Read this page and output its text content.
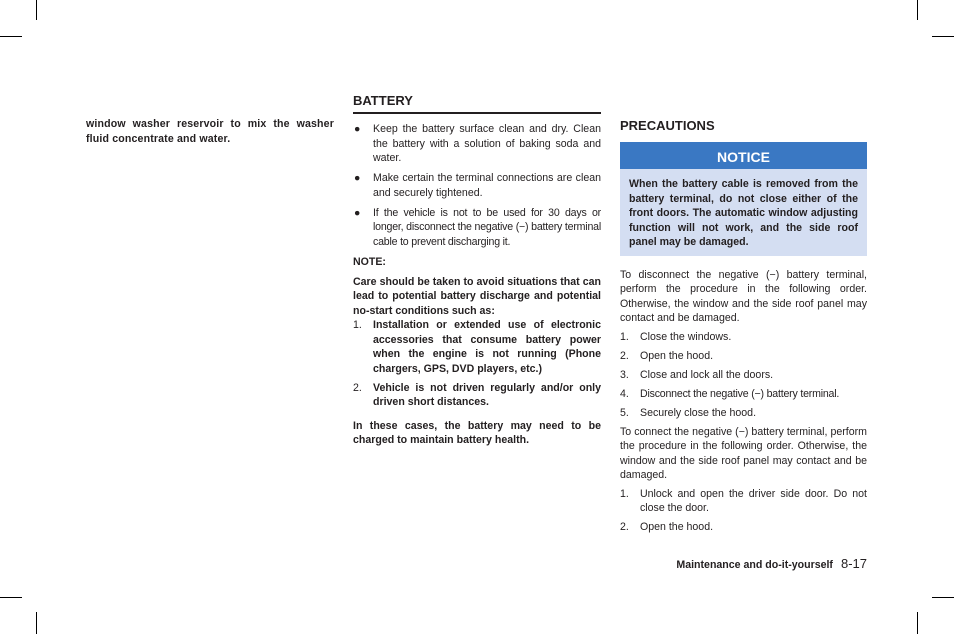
window washer reservoir to mix the washer fluid concentrate and water.

BATTERY
● Keep the battery surface clean and dry. Clean the battery with a solution of baking soda and water.
● Make certain the terminal connections are clean and securely tightened.
● If the vehicle is not to be used for 30 days or longer, disconnect the negative (−) battery terminal cable to prevent discharging it.

NOTE:

Care should be taken to avoid situations that can lead to potential battery discharge and potential no-start conditions such as:

1. Installation or extended use of electronic accessories that consume battery power when the engine is not running (Phone chargers, GPS, DVD players, etc.)
2. Vehicle is not driven regularly and/or only driven short distances.

In these cases, the battery may need to be charged to maintain battery health.

PRECAUTIONS
NOTICE
When the battery cable is removed from the battery terminal, do not close either of the front doors. The automatic window adjusting function will not work, and the side roof panel may be damaged.

To disconnect the negative (−) battery terminal, perform the procedure in the following order. Otherwise, the window and the side roof panel may contact and be damaged.

1. Close the windows.
2. Open the hood.
3. Close and lock all the doors.
4. Disconnect the negative (−) battery terminal.
5. Securely close the hood.

To connect the negative (−) battery terminal, perform the procedure in the following order. Otherwise, the window and the side roof panel may contact and be damaged.

1. Unlock and open the driver side door. Do not close the door.
2. Open the hood.
Maintenance and do-it-yourself 8-17
